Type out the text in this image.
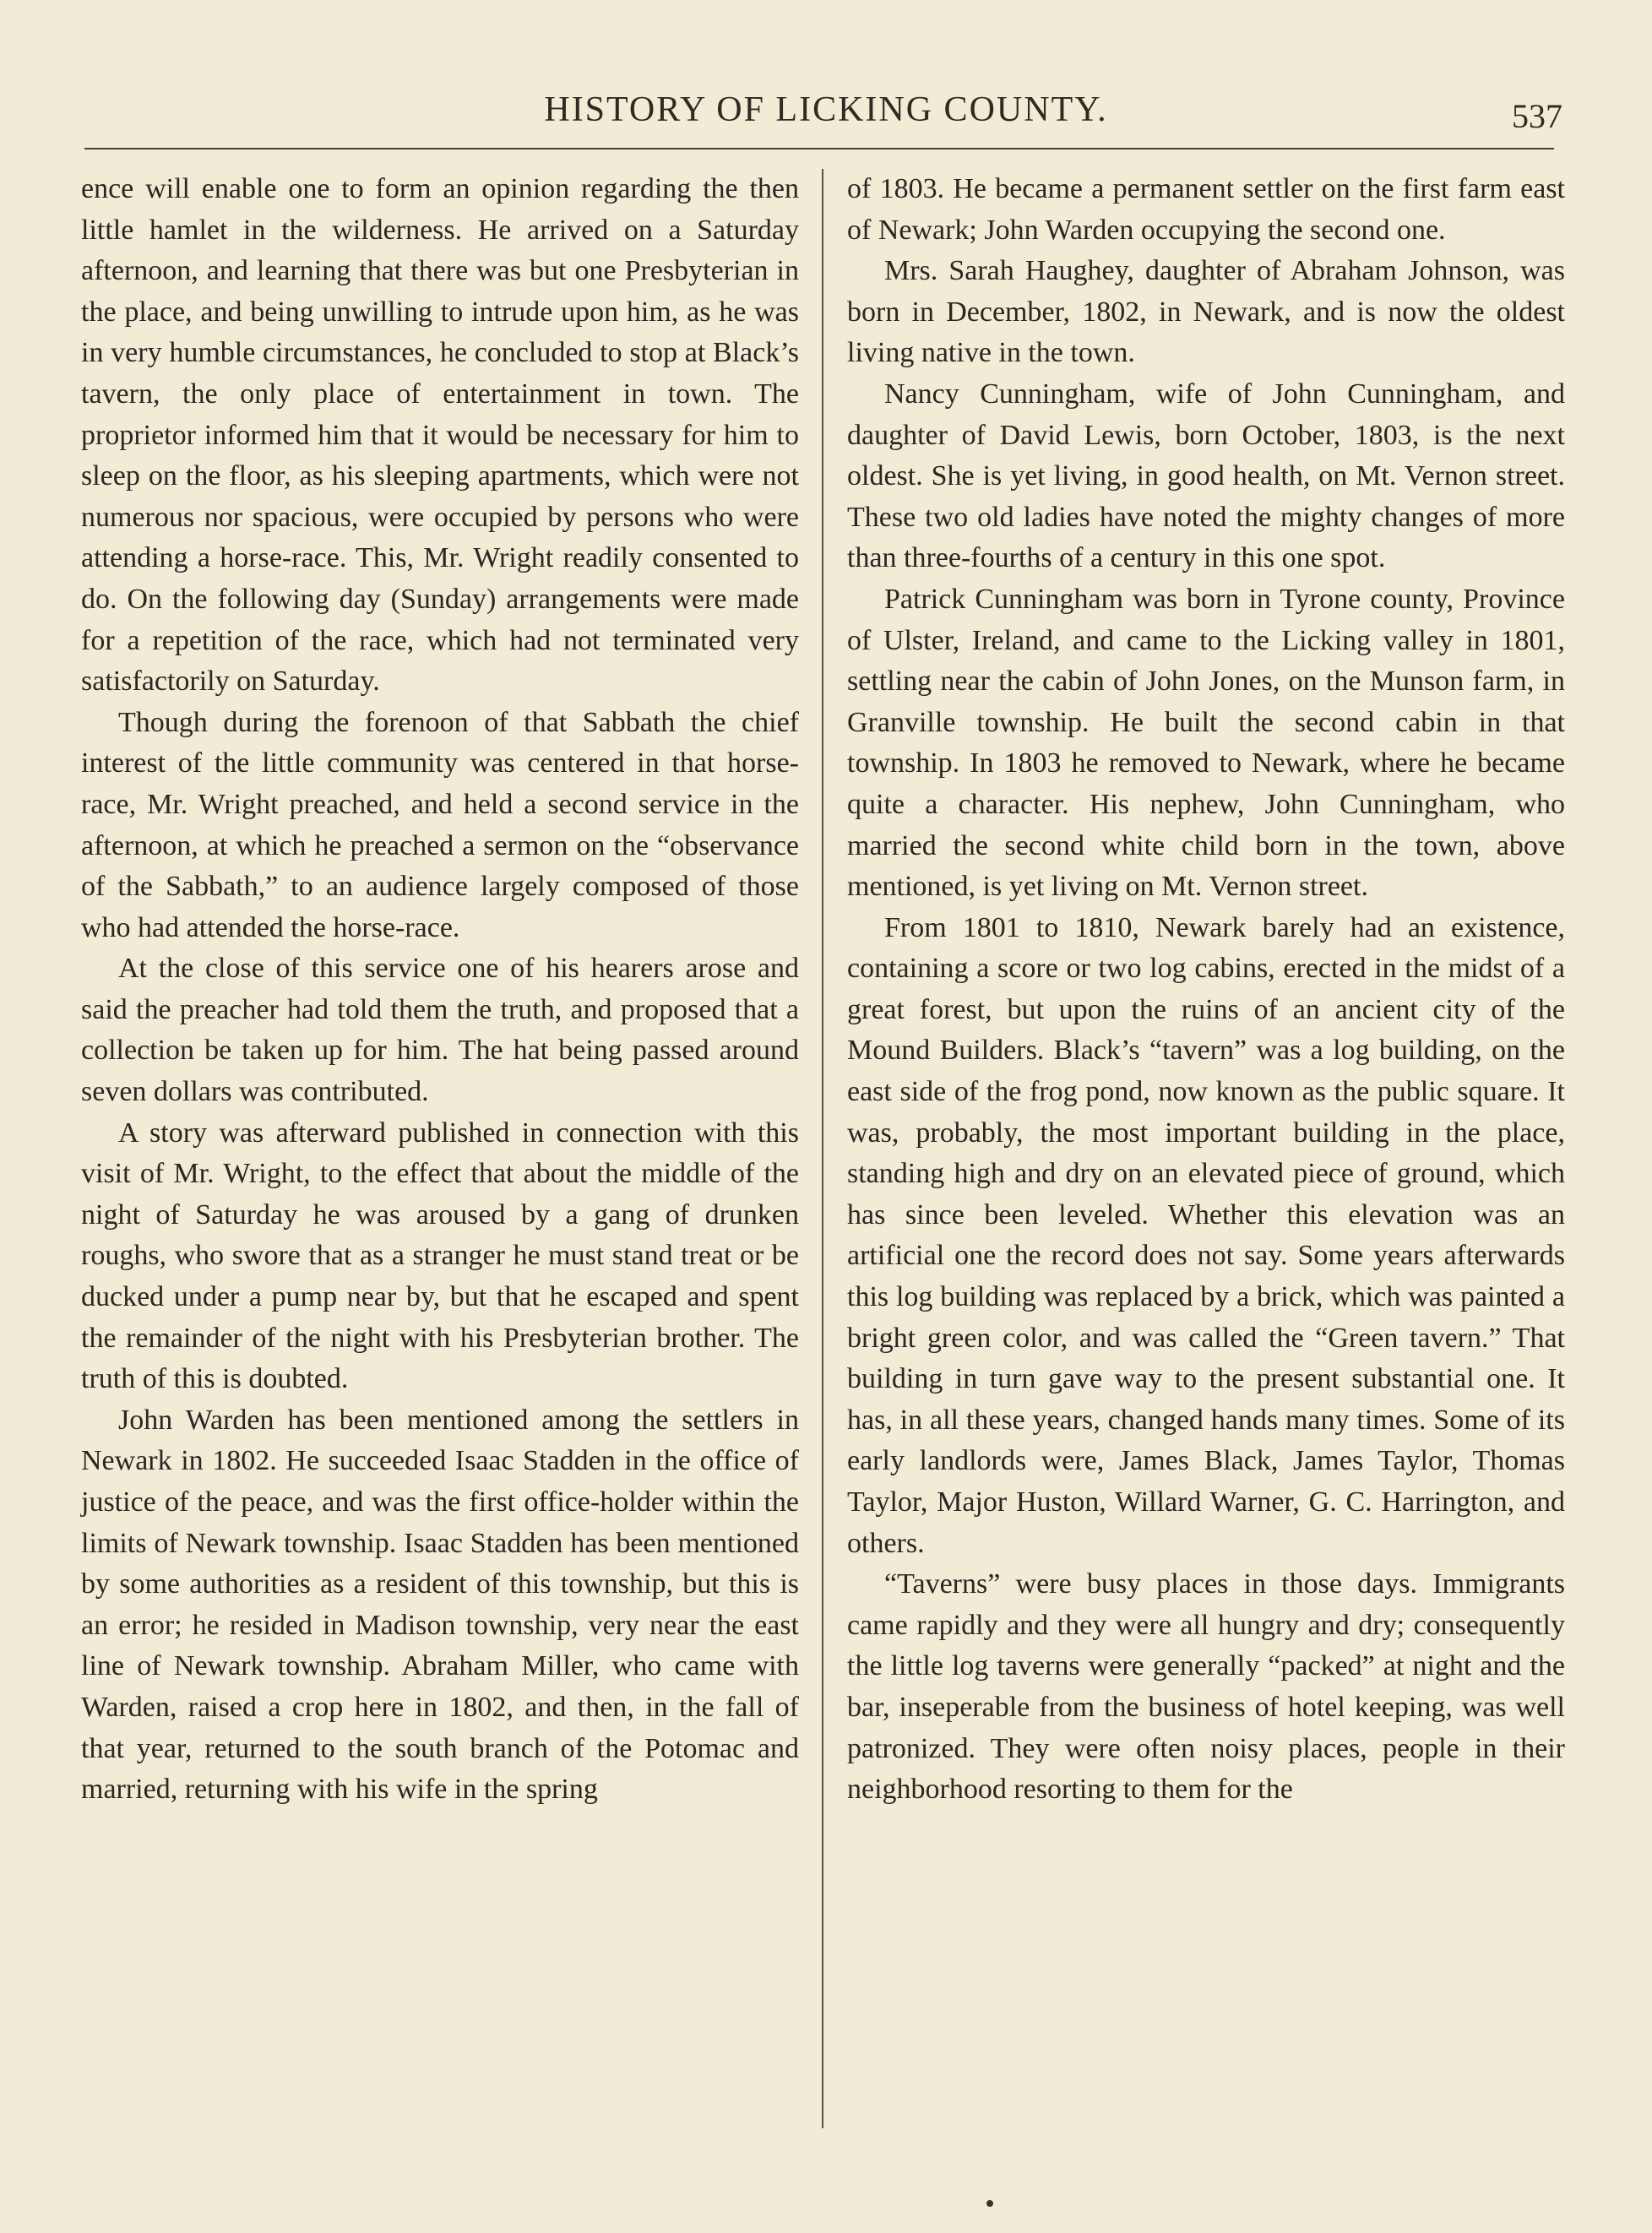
HISTORY OF LICKING COUNTY.	537

ence will enable one to form an opinion regarding the then little hamlet in the wilderness. He arrived on a Saturday afternoon, and learning that there was but one Presbyterian in the place, and being unwilling to intrude upon him, as he was in very humble circumstances, he concluded to stop at Black’s tavern, the only place of entertainment in town. The proprietor informed him that it would be necessary for him to sleep on the floor, as his sleeping apartments, which were not numerous nor spacious, were occupied by persons who were attending a horse-race. This, Mr. Wright readily consented to do. On the following day (Sunday) arrangements were made for a repetition of the race, which had not terminated very satisfactorily on Saturday.

Though during the forenoon of that Sabbath the chief interest of the little community was centered in that horse-race, Mr. Wright preached, and held a second service in the afternoon, at which he preached a sermon on the “observance of the Sabbath,” to an audience largely composed of those who had attended the horse-race.

At the close of this service one of his hearers arose and said the preacher had told them the truth, and proposed that a collection be taken up for him. The hat being passed around seven dollars was contributed.

A story was afterward published in connection with this visit of Mr. Wright, to the effect that about the middle of the night of Saturday he was aroused by a gang of drunken roughs, who swore that as a stranger he must stand treat or be ducked under a pump near by, but that he escaped and spent the remainder of the night with his Presbyterian brother. The truth of this is doubted.

John Warden has been mentioned among the settlers in Newark in 1802. He succeeded Isaac Stadden in the office of justice of the peace, and was the first office-holder within the limits of Newark township. Isaac Stadden has been mentioned by some authorities as a resident of this township, but this is an error; he resided in Madison township, very near the east line of Newark township. Abraham Miller, who came with Warden, raised a crop here in 1802, and then, in the fall of that year, returned to the south branch of the Potomac and married, returning with his wife in the spring

of 1803. He became a permanent settler on the first farm east of Newark; John Warden occupying the second one.

Mrs. Sarah Haughey, daughter of Abraham Johnson, was born in December, 1802, in Newark, and is now the oldest living native in the town.

Nancy Cunningham, wife of John Cunningham, and daughter of David Lewis, born October, 1803, is the next oldest. She is yet living, in good health, on Mt. Vernon street. These two old ladies have noted the mighty changes of more than three-fourths of a century in this one spot.

Patrick Cunningham was born in Tyrone county, Province of Ulster, Ireland, and came to the Licking valley in 1801, settling near the cabin of John Jones, on the Munson farm, in Granville township. He built the second cabin in that township. In 1803 he removed to Newark, where he became quite a character. His nephew, John Cunningham, who married the second white child born in the town, above mentioned, is yet living on Mt. Vernon street.

From 1801 to 1810, Newark barely had an existence, containing a score or two log cabins, erected in the midst of a great forest, but upon the ruins of an ancient city of the Mound Builders. Black’s “tavern” was a log building, on the east side of the frog pond, now known as the public square. It was, probably, the most important building in the place, standing high and dry on an elevated piece of ground, which has since been leveled. Whether this elevation was an artificial one the record does not say. Some years afterwards this log building was replaced by a brick, which was painted a bright green color, and was called the “Green tavern.” That building in turn gave way to the present substantial one. It has, in all these years, changed hands many times. Some of its early landlords were, James Black, James Taylor, Thomas Taylor, Major Huston, Willard Warner, G. C. Harrington, and others.

“Taverns” were busy places in those days. Immigrants came rapidly and they were all hungry and dry; consequently the little log taverns were generally “packed” at night and the bar, inseperable from the business of hotel keeping, was well patronized. They were often noisy places, people in their neighborhood resorting to them for the
